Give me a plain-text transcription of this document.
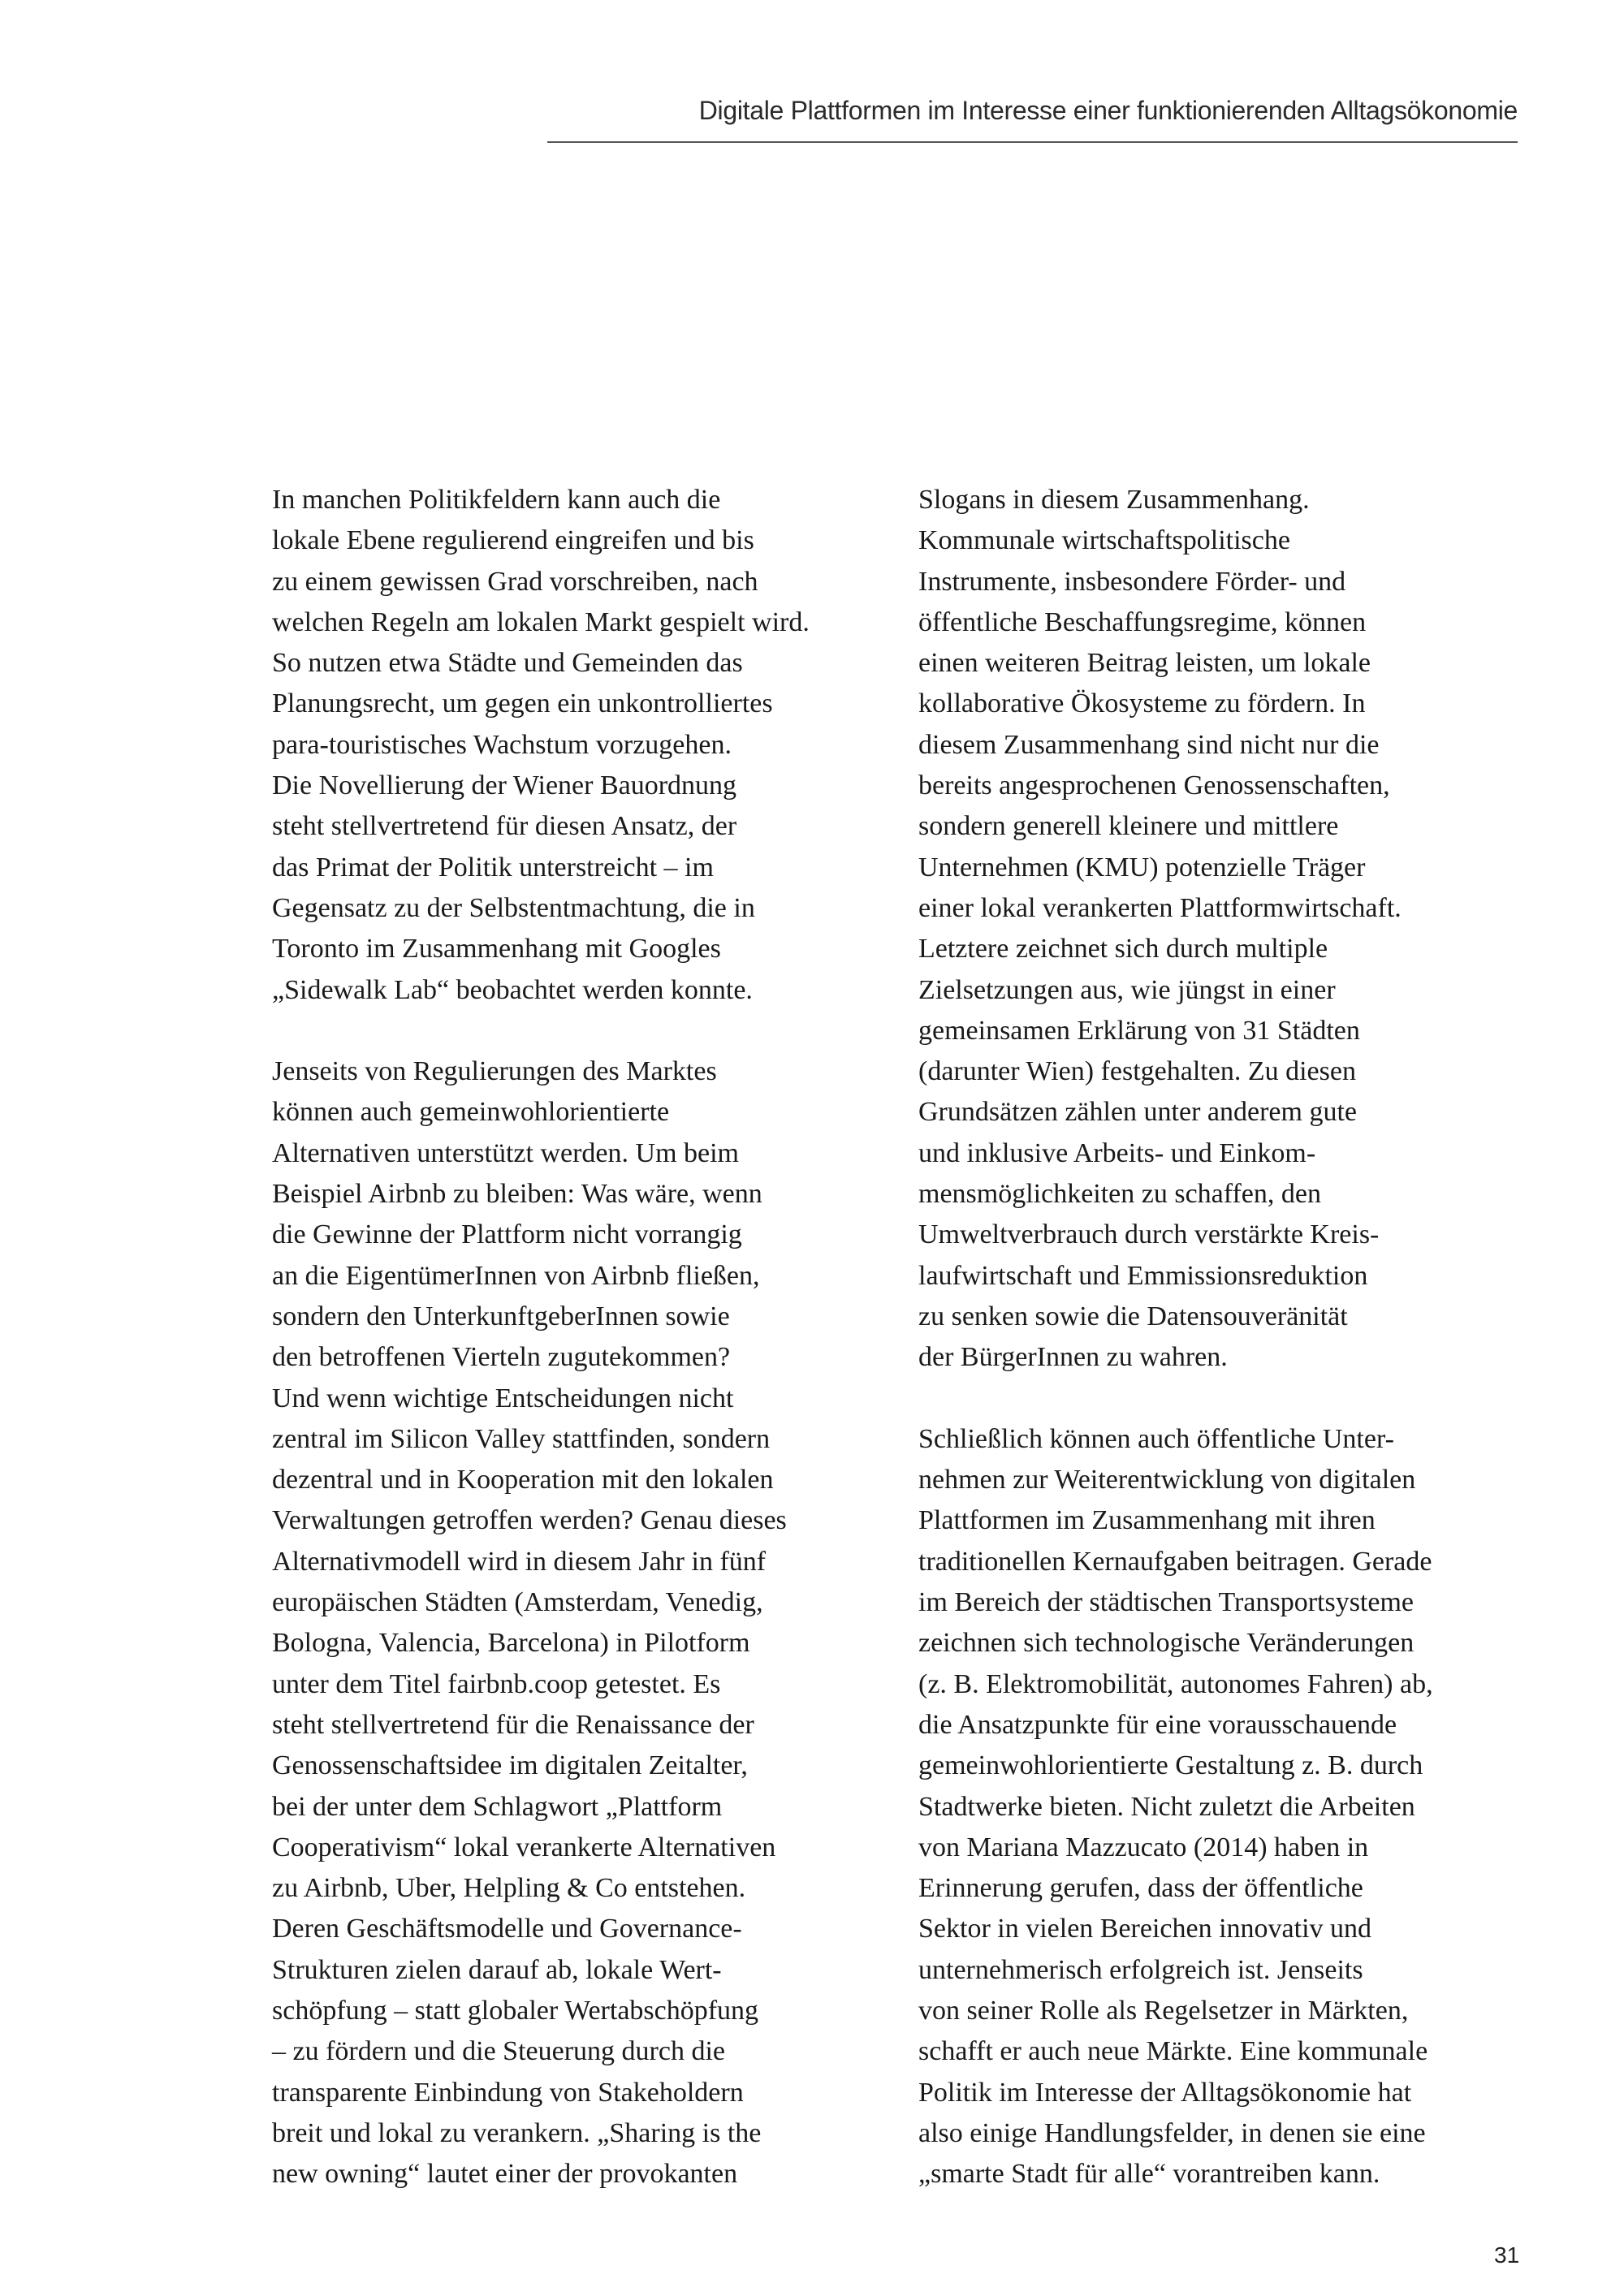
Digitale Plattformen im Interesse einer funktionierenden Alltagsökonomie
In manchen Politikfeldern kann auch die
lokale Ebene regulierend eingreifen und bis
zu einem gewissen Grad vorschreiben, nach
welchen Regeln am lokalen Markt gespielt wird.
So nutzen etwa Städte und Gemeinden das
Planungsrecht, um gegen ein unkontrolliertes
para-touristisches Wachstum vorzugehen.
Die Novellierung der Wiener Bauordnung
steht stellvertretend für diesen Ansatz, der
das Primat der Politik unterstreicht – im
Gegensatz zu der Selbstentmachtung, die in
Toronto im Zusammenhang mit Googles
„Sidewalk Lab“ beobachtet werden konnte.
Jenseits von Regulierungen des Marktes
können auch gemeinwohlorientierte
Alternativen unterstützt werden. Um beim
Beispiel Airbnb zu bleiben: Was wäre, wenn
die Gewinne der Plattform nicht vorrangig
an die EigentümerInnen von Airbnb fließen,
sondern den UnterkunftgeberInnen sowie
den betroffenen Vierteln zugutekommen?
Und wenn wichtige Entscheidungen nicht
zentral im Silicon Valley stattfinden, sondern
dezentral und in Kooperation mit den lokalen
Verwaltungen getroffen werden? Genau dieses
Alternativmodell wird in diesem Jahr in fünf
europäischen Städten (Amsterdam, Venedig,
Bologna, Valencia, Barcelona) in Pilotform
unter dem Titel fairbnb.coop getestet. Es
steht stellvertretend für die Renaissance der
Genossenschaftsidee im digitalen Zeitalter,
bei der unter dem Schlagwort „Plattform
Cooperativism“ lokal verankerte Alternativen
zu Airbnb, Uber, Helpling & Co entstehen.
Deren Geschäftsmodelle und Governance-
Strukturen zielen darauf ab, lokale Wert-
schöpfung – statt globaler Wertabschöpfung
– zu fördern und die Steuerung durch die
transparente Einbindung von Stakeholdern
breit und lokal zu verankern. „Sharing is the
new owning“ lautet einer der provokanten
Slogans in diesem Zusammenhang.
Kommunale wirtschaftspolitische
Instrumente, insbesondere Förder- und
öffentliche Beschaffungsregime, können
einen weiteren Beitrag leisten, um lokale
kollaborative Ökosysteme zu fördern. In
diesem Zusammenhang sind nicht nur die
bereits angesprochenen Genossenschaften,
sondern generell kleinere und mittlere
Unternehmen (KMU) potenzielle Träger
einer lokal verankerten Plattformwirtschaft.
Letztere zeichnet sich durch multiple
Zielsetzungen aus, wie jüngst in einer
gemeinsamen Erklärung von 31 Städten
(darunter Wien) festgehalten. Zu diesen
Grundsätzen zählen unter anderem gute
und inklusive Arbeits- und Einkom-
mensmöglichkeiten zu schaffen, den
Umweltverbrauch durch verstärkte Kreis-
laufwirtschaft und Emmissionsreduktion
zu senken sowie die Datensouveränität
der BürgerInnen zu wahren.
Schließlich können auch öffentliche Unter-
nehmen zur Weiterentwicklung von digitalen
Plattformen im Zusammenhang mit ihren
traditionellen Kernaufgaben beitragen. Gerade
im Bereich der städtischen Transportsysteme
zeichnen sich technologische Veränderungen
(z. B. Elektromobilität, autonomes Fahren) ab,
die Ansatzpunkte für eine vorausschauende
gemeinwohlorientierte Gestaltung z. B. durch
Stadtwerke bieten. Nicht zuletzt die Arbeiten
von Mariana Mazzucato (2014) haben in
Erinnerung gerufen, dass der öffentliche
Sektor in vielen Bereichen innovativ und
unternehmerisch erfolgreich ist. Jenseits
von seiner Rolle als Regelsetzer in Märkten,
schafft er auch neue Märkte. Eine kommunale
Politik im Interesse der Alltagsökonomie hat
also einige Handlungsfelder, in denen sie eine
„smarte Stadt für alle“ vorantreiben kann.
31
